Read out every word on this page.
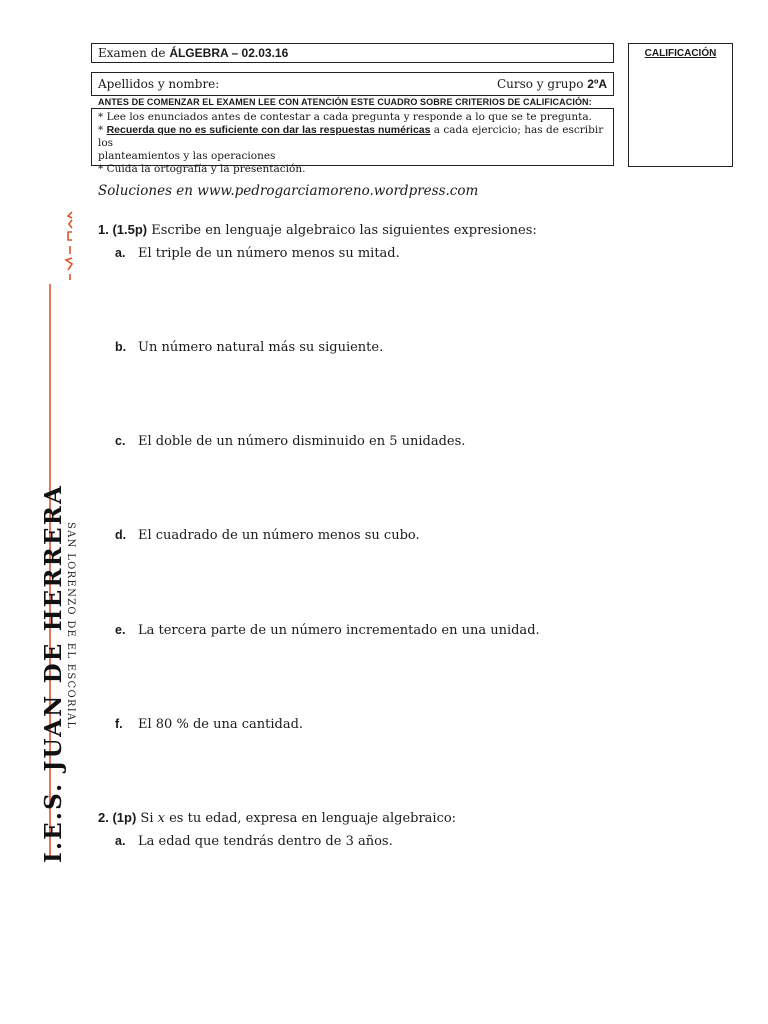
Examen de ÁLGEBRA – 02.03.16
Apellidos y nombre:	Curso y grupo 2ºA
ANTES DE COMENZAR EL EXAMEN LEE CON ATENCIÓN ESTE CUADRO SOBRE CRITERIOS DE CALIFICACIÓN:
* Lee los enunciados antes de contestar a cada pregunta y responde a lo que se te pregunta.
* Recuerda que no es suficiente con dar las respuestas numéricas a cada ejercicio; has de escribir los
planteamientos y las operaciones
* Cuida la ortografía y la presentación.
CALIFICACIÓN
Soluciones en www.pedrogarciamoreno.wordpress.com
I.E.S. JUAN DE HERRERA
SAN LORENZO DE EL ESCORIAL
1. (1.5p) Escribe en lenguaje algebraico las siguientes expresiones:
a. El triple de un número menos su mitad.
b. Un número natural más su siguiente.
c. El doble de un número disminuido en 5 unidades.
d. El cuadrado de un número menos su cubo.
e. La tercera parte de un número incrementado en una unidad.
f. El 80 % de una cantidad.
2. (1p) Si x es tu edad, expresa en lenguaje algebraico:
a. La edad que tendrás dentro de 3 años.
